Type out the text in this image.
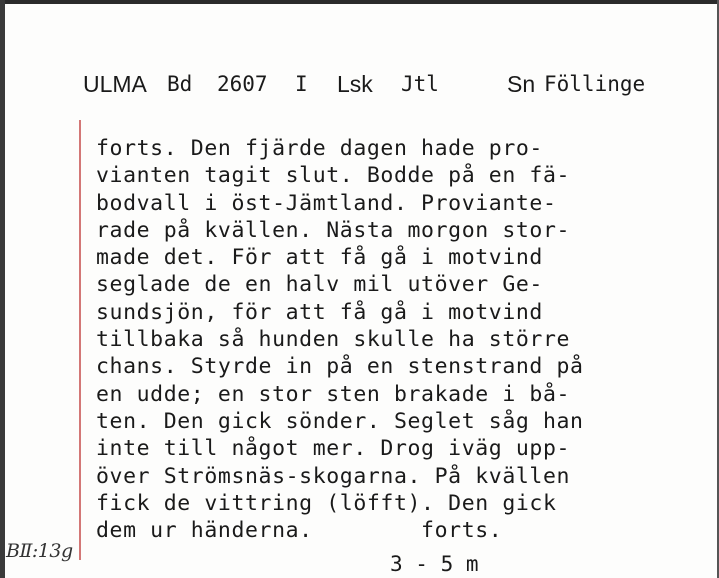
ULMA Bd 2607 I Lsk Jtl	Sn Föllinge
forts. Den fjärde dagen hade pro-
vianten tagit slut. Bodde på en fä-
bodvall i öst-Jämtland. Proviante-
rade på kvällen. Nästa morgon stor-
made det. För att få gå i motvind
seglade de en halv mil utöver Ge-
sundsjön, för att få gå i motvind
tillbaka så hunden skulle ha större
chans. Styrde in på en stenstrand på
en udde; en stor sten brakade i bå-
ten. Den gick sönder. Seglet såg han
inte till något mer. Drog iväg upp-
över Strömsnäs-skogarna. På kvällen
fick de vittring (löfft). Den gick
dem ur händerna.        forts.
3 - 5 m
BⅡ:13g
